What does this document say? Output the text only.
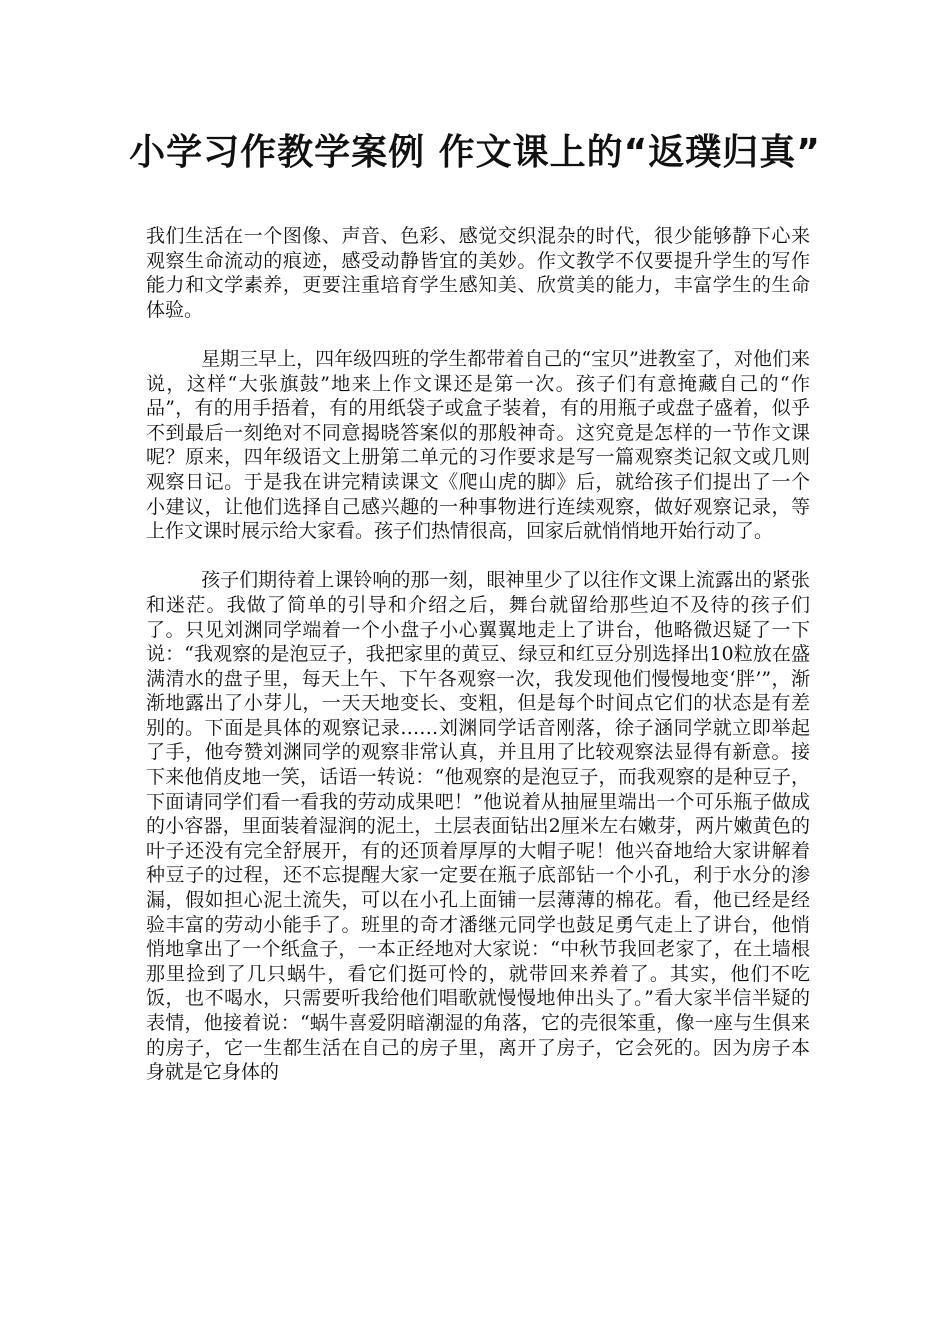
小学习作教学案例 作文课上的“返璞归真”

我们生活在一个图像、声音、色彩、感觉交织混杂的时代，很少能够静下心来观察生命流动的痕迹，感受动静皆宜的美妙。作文教学不仅要提升学生的写作能力和文学素养，更要注重培育学生感知美、欣赏美的能力，丰富学生的生命体验。

星期三早上，四年级四班的学生都带着自己的“宝贝”进教室了，对他们来说，这样“大张旗鼓”地来上作文课还是第一次。孩子们有意掩藏自己的“作品”，有的用手捂着，有的用纸袋子或盒子装着，有的用瓶子或盘子盛着，似乎不到最后一刻绝对不同意揭晓答案似的那般神奇。这究竟是怎样的一节作文课呢？原来，四年级语文上册第二单元的习作要求是写一篇观察类记叙文或几则观察日记。于是我在讲完精读课文《爬山虎的脚》后，就给孩子们提出了一个小建议，让他们选择自己感兴趣的一种事物进行连续观察，做好观察记录，等上作文课时展示给大家看。孩子们热情很高，回家后就悄悄地开始行动了。

孩子们期待着上课铃响的那一刻，眼神里少了以往作文课上流露出的紧张和迷茫。我做了简单的引导和介绍之后，舞台就留给那些迫不及待的孩子们了。只见刘渊同学端着一个小盘子小心翼翼地走上了讲台，他略微迟疑了一下说：“我观察的是泡豆子，我把家里的黄豆、绿豆和红豆分别选择出10粒放在盛满清水的盘子里，每天上午、下午各观察一次，我发现他们慢慢地变‘胖’”，渐渐地露出了小芽儿，一天天地变长、变粗，但是每个时间点它们的状态是有差别的。下面是具体的观察记录……刘渊同学话音刚落，徐子涵同学就立即举起了手，他夸赞刘渊同学的观察非常认真，并且用了比较观察法显得有新意。接下来他俏皮地一笑，话语一转说：“他观察的是泡豆子，而我观察的是种豆子，下面请同学们看一看我的劳动成果吧！”他说着从抽屉里端出一个可乐瓶子做成的小容器，里面装着湿润的泥土，土层表面钻出2厘米左右嫩芽，两片嫩黄色的叶子还没有完全舒展开，有的还顶着厚厚的大帽子呢！他兴奋地给大家讲解着种豆子的过程，还不忘提醒大家一定要在瓶子底部钻一个小孔，利于水分的渗漏，假如担心泥土流失，可以在小孔上面铺一层薄薄的棉花。看，他已经是经验丰富的劳动小能手了。班里的奇才潘继元同学也鼓足勇气走上了讲台，他悄悄地拿出了一个纸盒子，一本正经地对大家说：“中秋节我回老家了，在土墙根那里捡到了几只蜗牛，看它们挺可怜的，就带回来养着了。其实，他们不吃饭，也不喝水，只需要听我给他们唱歌就慢慢地伸出头了。”看大家半信半疑的表情，他接着说：“蜗牛喜爱阴暗潮湿的角落，它的壳很笨重，像一座与生俱来的房子，它一生都生活在自己的房子里，离开了房子，它会死的。因为房子本身就是它身体的
